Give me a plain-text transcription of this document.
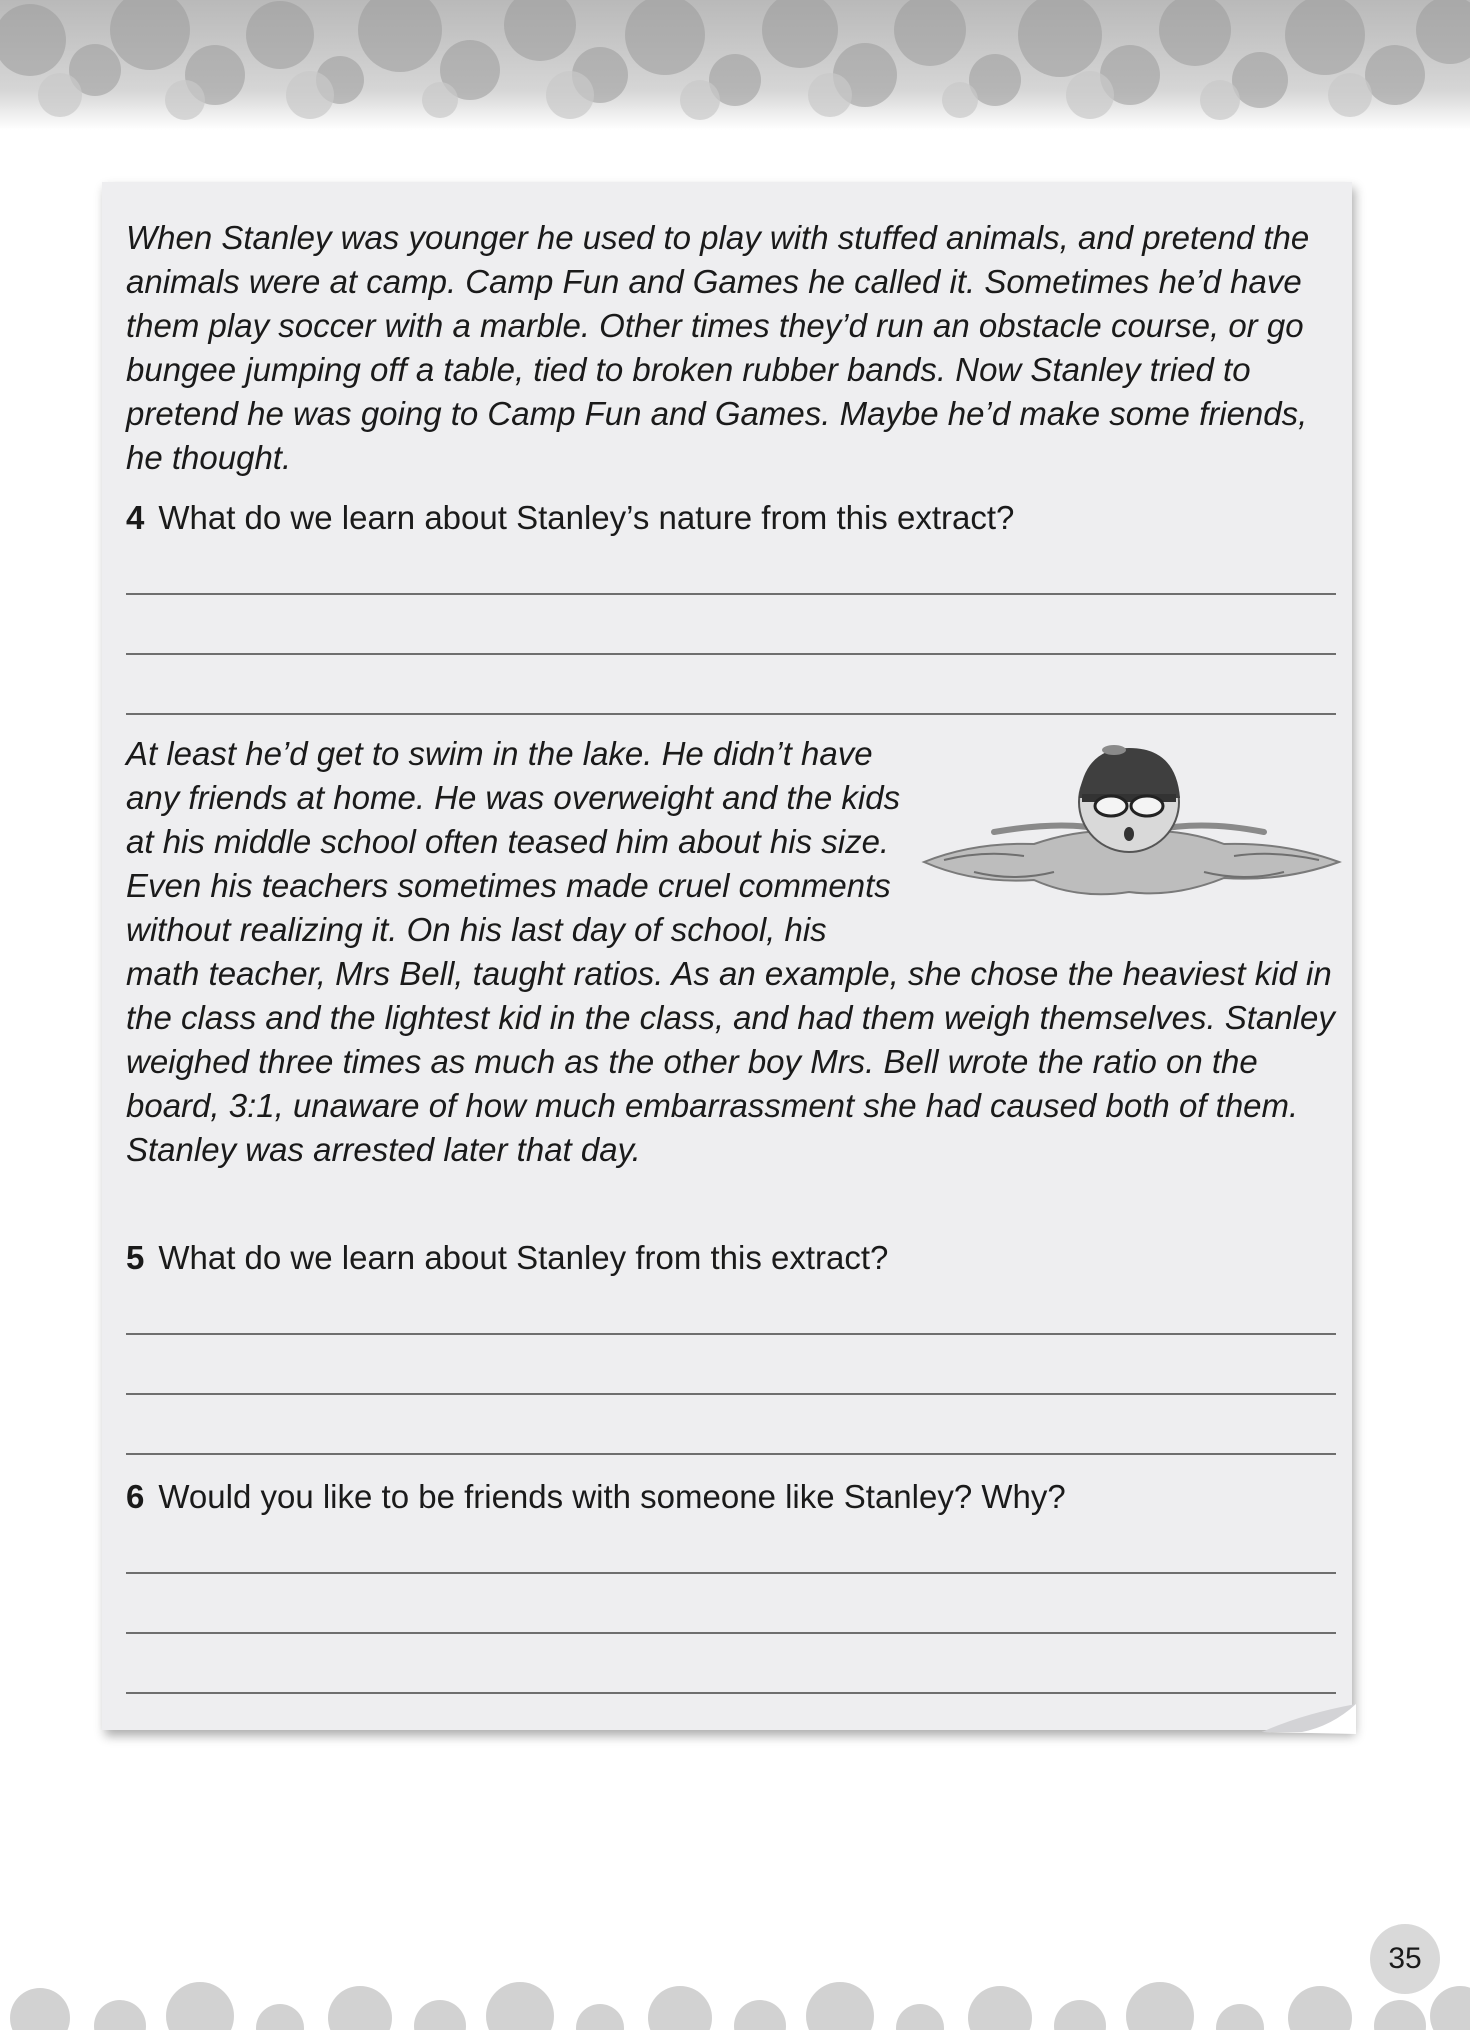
When Stanley was younger he used to play with stuffed animals, and pretend the animals were at camp. Camp Fun and Games he called it. Sometimes he’d have them play soccer with a marble. Other times they’d run an obstacle course, or go bungee jumping off a table, tied to broken rubber bands. Now Stanley tried to pretend he was going to Camp Fun and Games. Maybe he’d make some friends, he thought.

4 What do we learn about Stanley’s nature from this extract?

At least he’d get to swim in the lake. He didn’t have any friends at home. He was overweight and the kids at his middle school often teased him about his size. Even his teachers sometimes made cruel comments without realizing it. On his last day of school, his math teacher, Mrs Bell, taught ratios. As an example, she chose the heaviest kid in the class and the lightest kid in the class, and had them weigh themselves. Stanley weighed three times as much as the other boy Mrs. Bell wrote the ratio on the board, 3:1, unaware of how much embarrassment she had caused both of them. Stanley was arrested later that day.

5 What do we learn about Stanley from this extract?

6 Would you like to be friends with someone like Stanley? Why?

35
